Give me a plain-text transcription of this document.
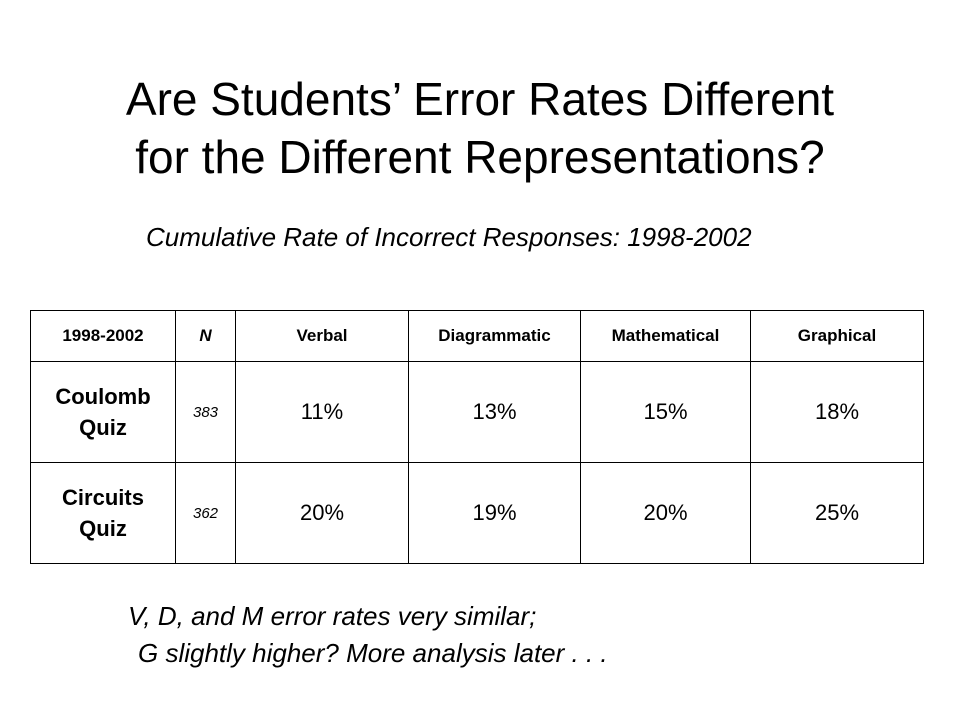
Are Students’ Error Rates Different
for the Different Representations?
Cumulative Rate of Incorrect Responses: 1998-2002
1998-2002	N	Verbal	Diagrammatic	Mathematical	Graphical

Coulomb
Quiz	383	11%	13%	15%	18%

Circuits
Quiz	362	20%	19%	20%	25%
V, D, and M error rates very similar;
G slightly higher? More analysis later . . .
